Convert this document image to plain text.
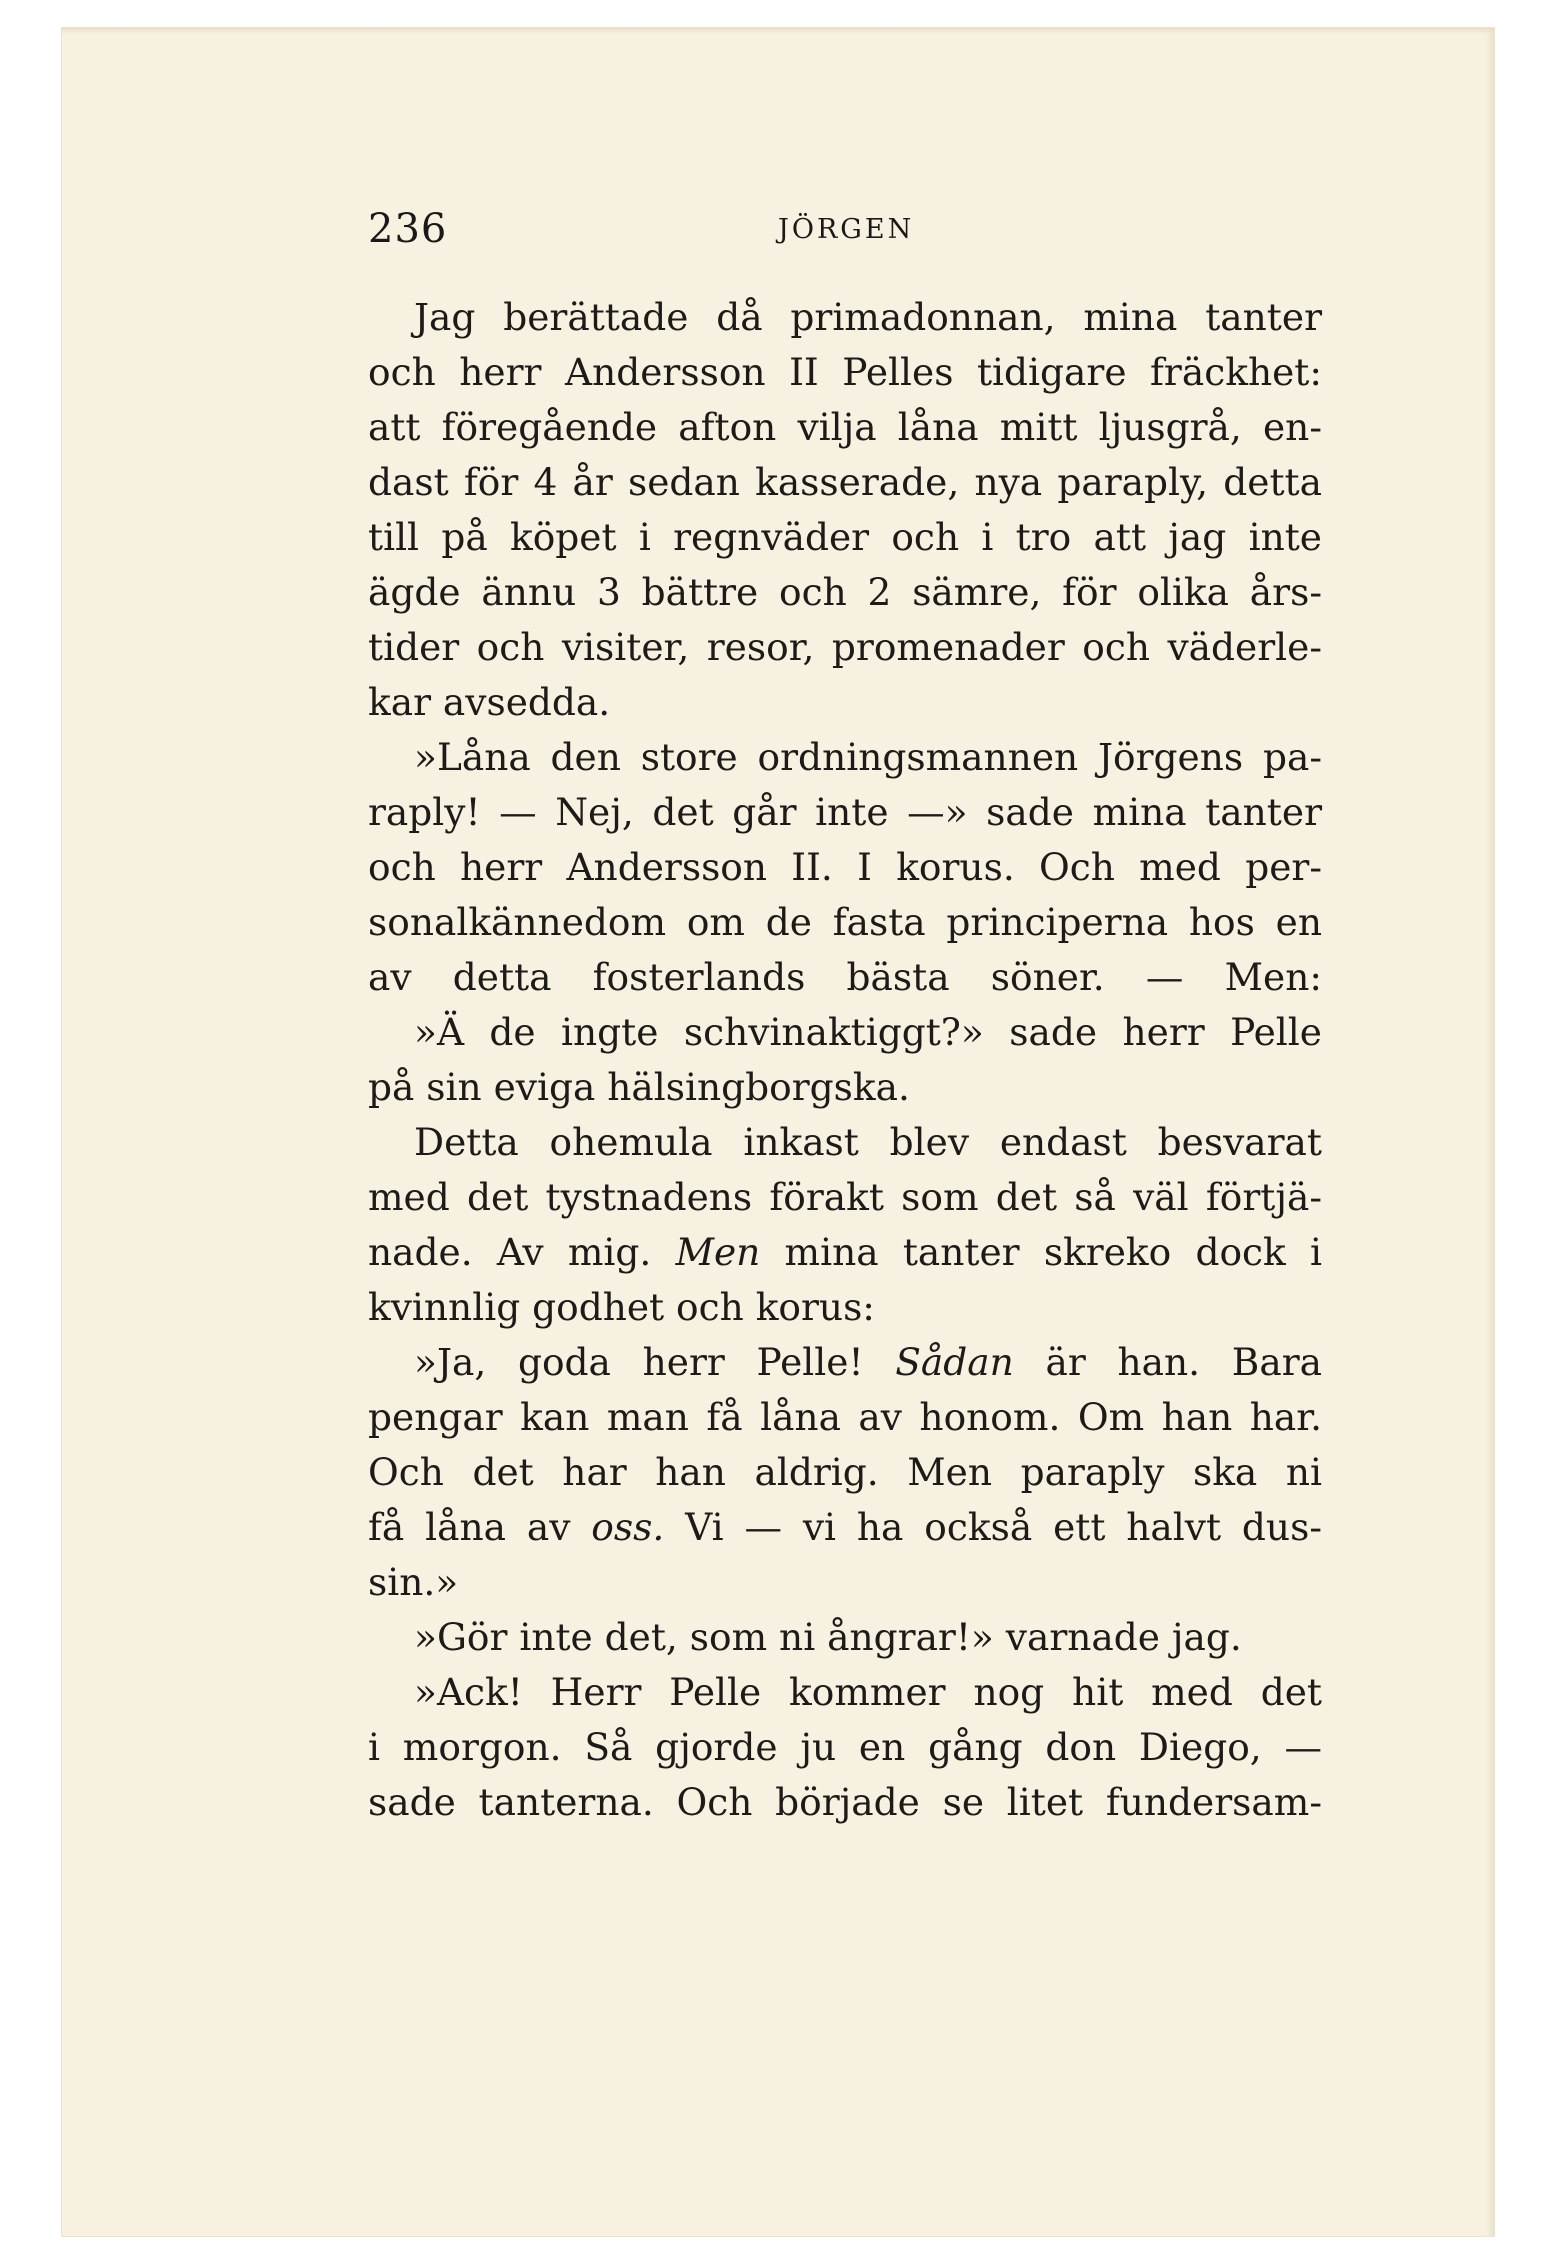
236	JÖRGEN
Jag berättade då primadonnan, mina tanter
och herr Andersson II Pelles tidigare fräckhet:
att föregående afton vilja låna mitt ljusgrå, en-
dast för 4 år sedan kasserade, nya paraply, detta
till på köpet i regnväder och i tro att jag inte
ägde ännu 3 bättre och 2 sämre, för olika års-
tider och visiter, resor, promenader och väderle-
kar avsedda.
»Låna den store ordningsmannen Jörgens pa-
raply! — Nej, det går inte —» sade mina tanter
och herr Andersson II. I korus. Och med per-
sonalkännedom om de fasta principerna hos en
av detta fosterlands bästa söner. — Men:
»Ä de ingte schvinaktiggt?» sade herr Pelle
på sin eviga hälsingborgska.
Detta ohemula inkast blev endast besvarat
med det tystnadens förakt som det så väl förtjä-
nade. Av mig. Men mina tanter skreko dock i
kvinnlig godhet och korus:
»Ja, goda herr Pelle! Sådan är han. Bara
pengar kan man få låna av honom. Om han har.
Och det har han aldrig. Men paraply ska ni
få låna av oss. Vi — vi ha också ett halvt dus-
sin.»
»Gör inte det, som ni ångrar!» varnade jag.
»Ack! Herr Pelle kommer nog hit med det
i morgon. Så gjorde ju en gång don Diego, —
sade tanterna. Och började se litet fundersam-
